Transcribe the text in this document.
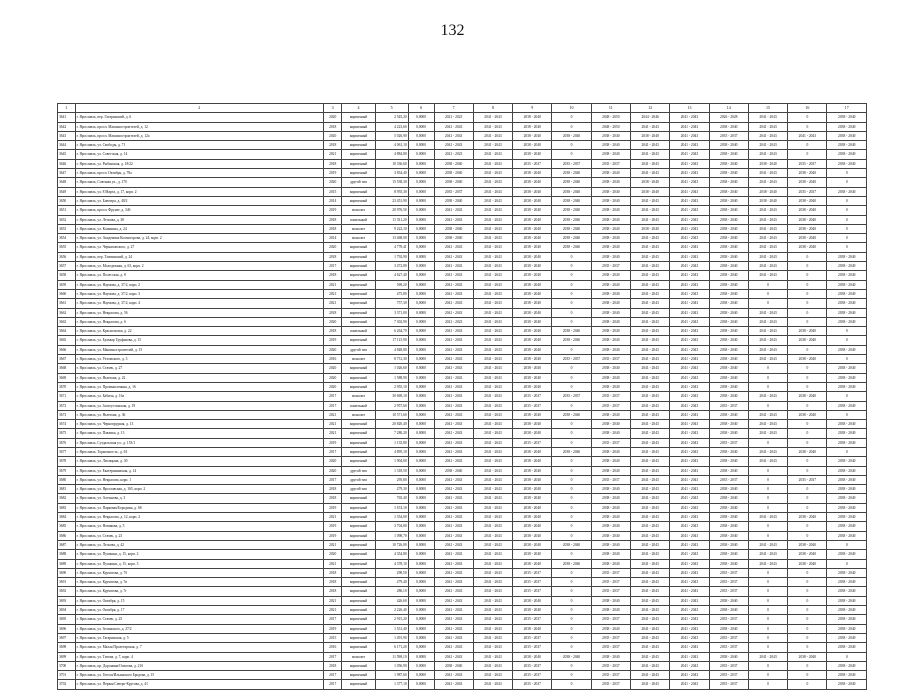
132
1	2	3	4	5	6	7	8	9	10	11	12	13	14	15	16	17
3641	г. Ярославль, пер. Гагаринский, д. 6	2020	кирпичный	2 545,20	0,0000	2021 - 2023	2041 - 2043	2038 - 2040	0	2048 - 2050	2044 - 2046	2041 - 2043	2026 - 2028	2041 - 2043	0	2038 - 2040
3642	г. Ярославль, просп. Машиностроителей, д. 12	2018	кирпичный	4 223,60	0,0000	2041 - 2043	2041 - 2043	2038 - 2040	0	2048 - 2050	2041 - 2043	2041 - 2043	2038 - 2040	2041 - 2043	0	2038 - 2040
3643	г. Ярославль, просп. Машиностроителей, д. 12а	2020	кирпичный	5 026,90	0,0000	2041 - 2043	2041 - 2043	2038 - 2040	2038 - 2040	2038 - 2040	2038 - 2040	2041 - 2043	2035 - 2037	2041 - 2043	2041 - 2043	2038 - 2040
3644	г. Ярославль, ул. Свободы, д. 71	2018	кирпичный	4 061,10	0,0000	2041 - 2043	2041 - 2043	2038 - 2040	0	2038 - 2040	2041 - 2043	2041 - 2043	2038 - 2040	2041 - 2043	0	2038 - 2040
3645	г. Ярославль, ул. Советская, д. 14	2021	кирпичный	4 884,80	0,0000	2021 - 2023	2041 - 2043	2038 - 2040	0	2038 - 2040	2041 - 2043	2041 - 2043	2038 - 2040	2041 - 2043	0	2038 - 2040
3646	г. Ярославль, ул. Рыбинская, д. 18/22	2018	кирпичный	10 336,60	0,0000	2038 - 2040	2041 - 2043	2035 - 2037	2035 - 2037	2035 - 2037	2041 - 2043	2041 - 2043	2038 - 2040	2038 - 2040	2035 - 2037	2038 - 2040
3647	г. Ярославль, просп. Октября, д. 78а	2019	кирпичный	3 834,40	0,0000	2038 - 2040	2041 - 2043	2038 - 2040	2038 - 2040	2038 - 2040	2041 - 2043	2041 - 2043	2038 - 2040	2041 - 2043	2038 - 2040	0
3648	г. Ярославль, Союзная ул., д. 17б	2020	другой тип	15 538,30	0,0000	2038 - 2040	2041 - 2043	2038 - 2040	2038 - 2040	2038 - 2040	2038 - 2040	2041 - 2043	2038 - 2040	2041 - 2043	2038 - 2040	0
3649	г. Ярославль, ул. 8 Марта, д. 17, корп. 2	2015	кирпичный	8 955,30	0,0000	2035 - 2037	2041 - 2043	2038 - 2040	2038 - 2040	2038 - 2040	2038 - 2040	2041 - 2043	2038 - 2040	2038 - 2040	2035 - 2037	2038 - 2040
3650	г. Ярославль, ул. Блюхера, д. 40/2	2014	кирпичный	23 451,90	0,0000	2038 - 2040	2041 - 2043	2038 - 2040	2038 - 2040	2038 - 2040	2041 - 2043	2041 - 2043	2038 - 2040	2038 - 2040	2038 - 2040	0
3651	г. Ярославль, просп. Фрунзе, д. 34б	2019	монолит	20 976,50	0,0000	2041 - 2043	2041 - 2043	2038 - 2040	2038 - 2040	2038 - 2040	2041 - 2043	2041 - 2043	2038 - 2040	2041 - 2043	2038 - 2040	0
3652	г. Ярославль, ул. Лескова, д. 38	2018	панельный	11 331,20	0,0000	2041 - 2043	2041 - 2043	2038 - 2040	2038 - 2040	2038 - 2040	2041 - 2043	2041 - 2043	2038 - 2040	2041 - 2043	2038 - 2040	0
3653	г. Ярославль, ул. Калинина, д. 24	2018	монолит	9 222,10	0,0000	2038 - 2040	2041 - 2043	2038 - 2040	2038 - 2040	2038 - 2040	2038 - 2040	2041 - 2043	2038 - 2040	2041 - 2043	2038 - 2040	0
3654	г. Ярославль, ул. Академика Колмогорова, д. 24, корп. 2	2014	монолит	13 468,00	0,0000	2038 - 2040	2041 - 2043	2038 - 2040	2038 - 2040	2038 - 2040	2041 - 2043	2041 - 2043	2038 - 2040	2041 - 2043	2038 - 2040	0
3655	г. Ярославль, ул. Черняховского, д. 27	2020	кирпичный	4 778,41	0,0000	2041 - 2043	2041 - 2043	2038 - 2040	2038 - 2040	2038 - 2040	2041 - 2043	2041 - 2043	2038 - 2040	2041 - 2043	2038 - 2040	0
3656	г. Ярославль, пер. Тихвинский, д. 24	2018	кирпичный	1 792,90	0,0000	2041 - 2043	2041 - 2043	2038 - 2040	0	2038 - 2040	2041 - 2043	2041 - 2043	2038 - 2040	2041 - 2043	0	2038 - 2040
3657	г. Ярославль, ул. Молодежная, д. 63, корп. 2	2017	кирпичный	3 472,80	0,0000	2041 - 2043	2041 - 2043	2038 - 2040	0	2035 - 2037	2041 - 2043	2041 - 2043	2038 - 2040	2041 - 2043	0	2038 - 2040
3658	г. Ярославль, ул. Полесская, д. 8	2018	кирпичный	4 627,40	0,0000	2041 - 2043	2041 - 2043	2038 - 2040	0	2038 - 2040	2041 - 2043	2041 - 2043	2038 - 2040	2041 - 2043	0	2038 - 2040
3659	г. Ярославль, ул. Наумова, д. 37/2, корп. 2	2021	кирпичный	569,20	0,0000	2041 - 2043	2041 - 2043	2038 - 2040	0	2038 - 2040	2041 - 2043	2041 - 2043	2038 - 2040	0	0	2038 - 2040
3660	г. Ярославль, ул. Наумова, д. 37/2, корп. 3	2021	кирпичный	475,80	0,0000	2041 - 2043	2041 - 2043	2038 - 2040	0	2038 - 2040	2041 - 2043	2041 - 2043	2038 - 2040	0	0	2038 - 2040
3661	г. Ярославль, ул. Наумова, д. 37/2, корп. 4	2021	кирпичный	757,30	0,0000	2041 - 2043	2041 - 2043	2038 - 2040	0	2038 - 2040	2041 - 2043	2041 - 2043	2038 - 2040	0	0	2038 - 2040
3662	г. Ярославль, ул. Некрасова, д. 56	2018	кирпичный	3 371,00	0,0000	2041 - 2043	2041 - 2043	2038 - 2040	0	2038 - 2040	2041 - 2043	2041 - 2043	2038 - 2040	2041 - 2043	0	2038 - 2040
3663	г. Ярославль, ул. Некрасова, д. 6	2020	кирпичный	7 302,90	0,0000	2021 - 2023	2041 - 2043	2038 - 2040	0	2038 - 2040	2041 - 2043	2041 - 2043	2038 - 2040	2041 - 2043	0	2038 - 2040
3664	г. Ярославль, ул. Краснополка, д. 22	2018	панельный	6 264,70	0,0000	2041 - 2043	2041 - 2043	2038 - 2040	2038 - 2040	2038 - 2040	2041 - 2043	2041 - 2043	2038 - 2040	2041 - 2043	2038 - 2040	0
3665	г. Ярославль, ул. Бульвар Труфанова, д. 15	2019	кирпичный	17 115,90	0,0000	2041 - 2043	2041 - 2043	2038 - 2040	2038 - 2040	2038 - 2040	2041 - 2043	2041 - 2043	2038 - 2040	2041 - 2043	2038 - 2040	0
3666	г. Ярославль, ул. Машиностроителей, д. 15	2020	другой тип	4 848,80	0,0000	2041 - 2043	2041 - 2043	2038 - 2040	0	2038 - 2040	2041 - 2043	2041 - 2043	2038 - 2040	2041 - 2043	0	2038 - 2040
3667	г. Ярославль, ул. Ухтомского, д. 3	2016	монолит	8 731,30	0,0000	2041 - 2043	2041 - 2043	2038 - 2040	2035 - 2037	2035 - 2037	2041 - 2043	2041 - 2043	2038 - 2040	2041 - 2043	2038 - 2040	0
3668	г. Ярославль, ул. Стачек, д. 27	2020	кирпичный	1 026,60	0,0000	2041 - 2043	2041 - 2043	2038 - 2040	0	2038 - 2040	2041 - 2043	2041 - 2043	2038 - 2040	0	0	2038 - 2040
3669	г. Ярославль, ул. Ньютона, д. 22	2020	кирпичный	1 588,90	0,0000	2041 - 2043	2041 - 2043	2038 - 2040	0	2038 - 2040	2041 - 2043	2041 - 2043	2038 - 2040	0	0	2038 - 2040
3670	г. Ярославль, ул. Промышленная, д. 16	2020	кирпичный	2 955,10	0,0000	2041 - 2043	2041 - 2043	2038 - 2040	0	2038 - 2040	2041 - 2043	2041 - 2043	2038 - 2040	0	0	2038 - 2040
3671	г. Ярославль, ул. Бабича, д. 16а	2017	монолит	30 669,10	0,0000	2041 - 2043	2041 - 2043	2035 - 2037	2035 - 2037	2035 - 2037	2041 - 2043	2041 - 2043	2038 - 2040	2041 - 2043	2038 - 2040	0
3672	г. Ярославль, ул. Златоустинская, д. 19	2017	панельный	2 957,60	0,0000	2041 - 2043	2041 - 2043	2035 - 2037	0	2035 - 2037	2041 - 2043	2041 - 2043	2035 - 2037	0	0	2038 - 2040
3673	г. Ярославль, ул. Ньютона, д. 36	2021	монолит	10 571,60	0,0000	2041 - 2043	2041 - 2043	2038 - 2040	2038 - 2040	2038 - 2040	2041 - 2043	2041 - 2043	2038 - 2040	2041 - 2043	2038 - 2040	0
3674	г. Ярославль, ул. Чернопрудная, д. 13	2021	кирпичный	20 820,40	0,0000	2041 - 2043	2041 - 2043	2038 - 2040	0	2038 - 2040	2041 - 2043	2041 - 2043	2038 - 2040	2041 - 2043	0	2038 - 2040
3675	г. Ярославль, ул. Павлика, д. 13	2021	кирпичный	7 280,20	0,0000	2041 - 2043	2041 - 2043	2038 - 2040	0	2038 - 2040	2041 - 2043	2041 - 2043	2038 - 2040	2041 - 2043	0	2038 - 2040
3676	г. Ярославль, Суздальская ул., д. 153/1	2019	кирпичный	1 135,80	0,0000	2041 - 2043	2041 - 2043	2035 - 2037	0	2035 - 2037	2041 - 2043	2041 - 2043	2035 - 2037	0	0	2038 - 2040
3677	г. Ярославль, Тормозное ш., д. 63	2017	кирпичный	4 895,10	0,0000	2041 - 2043	2041 - 2043	2038 - 2040	2038 - 2040	2038 - 2040	2041 - 2043	2041 - 2043	2038 - 2040	2041 - 2043	2038 - 2040	0
3678	г. Ярославль, ул. Лисицына, д. 30	2020	кирпичный	1 904,00	0,0000	2041 - 2043	2041 - 2043	2038 - 2040	0	2038 - 2040	2041 - 2043	2041 - 2043	2038 - 2040	2041 - 2043	0	2038 - 2040
3679	г. Ярославль, ул. Екатерининская, д. 14	2020	другой тип	1 318,50	0,0000	2038 - 2040	2041 - 2043	2038 - 2040	0	2038 - 2040	2041 - 2043	2041 - 2043	2038 - 2040	0	0	2038 - 2040
3680	г. Ярославль, ул. Некрасова, корп. 1	2017	другой тип	295,80	0,0000	2041 - 2043	2041 - 2043	2038 - 2040	0	2035 - 2037	2041 - 2043	2041 - 2043	2035 - 2037	0	2035 - 2037	2038 - 2040
3681	г. Ярославль, ул. Ярославская, д. 165, корп. 2	2018	другой тип	279,30	0,0000	2041 - 2043	2041 - 2043	2038 - 2040	0	2038 - 2040	2041 - 2043	2041 - 2043	2038 - 2040	0	0	2038 - 2040
3682	г. Ярославль, ул. Алтынова, д. 3	2018	кирпичный	765,40	0,0000	2041 - 2043	2041 - 2043	2038 - 2040	0	2038 - 2040	2041 - 2043	2041 - 2043	2038 - 2040	0	0	2038 - 2040
3683	г. Ярославль, ул. Парковая/Бородина, д. 68	2019	кирпичный	1 674,10	0,0000	2041 - 2043	2041 - 2043	2038 - 2040	0	2038 - 2040	2041 - 2043	2041 - 2043	2038 - 2040	0	0	2038 - 2040
3684	г. Ярославль, ул. Некрасова, д. 12, корп. 2	2021	кирпичный	1 354,00	0,0000	2041 - 2043	2041 - 2043	2038 - 2040	0	2038 - 2040	2041 - 2043	2041 - 2043	2038 - 2040	2041 - 2043	2038 - 2040	2038 - 2040
3685	г. Ярославль, ул. Новикова, д. 5	2019	кирпичный	3 704,80	0,0000	2041 - 2043	2041 - 2043	2038 - 2040	0	2038 - 2040	2041 - 2043	2041 - 2043	2038 - 2040	0	0	2038 - 2040
3686	г. Ярославль, ул. Стачек, д. 23	2019	кирпичный	1 098,70	0,0000	2041 - 2043	2041 - 2043	2038 - 2040	0	2038 - 2040	2041 - 2043	2041 - 2043	2038 - 2040	0	0	2038 - 2040
3687	г. Ярославль, ул. Лескова, д. 42	2021	кирпичный	10 726,00	0,0000	2041 - 2043	2041 - 2043	2038 - 2040	2038 - 2040	2038 - 2040	2041 - 2043	2041 - 2043	2038 - 2040	2041 - 2043	2038 - 2040	0
3688	г. Ярославль, ул. Пушкина, д. 15, корп. 2	2020	кирпичный	4 354,80	0,0000	2041 - 2043	2041 - 2043	2038 - 2040	0	2038 - 2040	2041 - 2043	2041 - 2043	2038 - 2040	2041 - 2043	2038 - 2040	2038 - 2040
3689	г. Ярославль, ул. Пушкина, д. 15, корп. 3	2021	кирпичный	4 378,10	0,0000	2041 - 2043	2041 - 2043	2038 - 2040	2038 - 2040	2038 - 2040	2041 - 2043	2041 - 2043	2038 - 2040	2041 - 2043	2038 - 2040	0
3690	г. Ярославль, ул. Курчатова, д. 7б	2018	кирпичный	298,50	0,0000	2041 - 2043	2041 - 2043	2035 - 2037	0	2035 - 2037	2041 - 2043	2041 - 2043	2035 - 2037	0	0	2038 - 2040
3691	г. Ярославль, ул. Курчатова, д. 7в	2018	кирпичный	279,40	0,0000	2041 - 2043	2041 - 2043	2035 - 2037	0	2035 - 2037	2041 - 2043	2041 - 2043	2035 - 2037	0	0	2038 - 2040
3692	г. Ярославль, ул. Курчатова, д. 7г	2018	кирпичный	286,10	0,0000	2041 - 2043	2041 - 2043	2035 - 2037	0	2035 - 2037	2041 - 2043	2041 - 2043	2035 - 2037	0	0	2038 - 2040
3693	г. Ярославль, ул. Октября, д. 15	2021	кирпичный	426,60	0,0000	2041 - 2043	2041 - 2043	2038 - 2040	0	2038 - 2040	2041 - 2043	2041 - 2043	2038 - 2040	0	0	2038 - 2040
3694	г. Ярославль, ул. Октября, д. 17	2021	кирпичный	2 226,40	0,0000	2041 - 2043	2041 - 2043	2038 - 2040	0	2038 - 2040	2041 - 2043	2041 - 2043	2038 - 2040	0	0	2038 - 2040
3695	г. Ярославль, ул. Стачек, д. 25	2017	кирпичный	2 915,20	0,0000	2041 - 2043	2041 - 2043	2035 - 2037	0	2035 - 2037	2041 - 2043	2041 - 2043	2035 - 2037	0	0	2038 - 2040
3696	г. Ярославль, ул. Зелинского, д. 27/2	2019	кирпичный	1 531,40	0,0000	2041 - 2043	2041 - 2043	2038 - 2040	0	2038 - 2040	2041 - 2043	2041 - 2043	2038 - 2040	0	0	2038 - 2040
3697	г. Ярославль, ул. Гагаринская, д. 5	2015	кирпичный	1 491,90	0,0000	2041 - 2043	2041 - 2043	2035 - 2037	0	2035 - 2037	2041 - 2043	2041 - 2043	2035 - 2037	0	0	2038 - 2040
3698	г. Ярославль, ул. Малая Пролетарская, д. 7	2016	кирпичный	6 171,20	0,0000	2041 - 2043	2041 - 2043	2035 - 2037	0	2035 - 2037	2041 - 2043	2041 - 2043	2035 - 2037	0	0	2038 - 2040
3699	г. Ярославль, ул. Титова, д. 7, корп. 4	2017	монолит	11 598,10	0,0000	2041 - 2043	2041 - 2043	2038 - 2040	2038 - 2040	2038 - 2040	2041 - 2043	2041 - 2043	2038 - 2040	2041 - 2043	2038 - 2040	0
3700	г. Ярославль, пр. Доронина/Осипова, д. 21б	2018	кирпичный	1 056,90	0,0000	2038 - 2040	2041 - 2043	2035 - 2037	0	2035 - 2037	2041 - 2043	2041 - 2043	2035 - 2037	0	0	2038 - 2040
3701	г. Ярославль, ул. Гоголя/Ильинского Бродова, д. 15	2017	кирпичный	1 987,60	0,0000	2041 - 2043	2041 - 2043	2035 - 2037	0	2035 - 2037	2041 - 2043	2041 - 2043	2035 - 2037	0	0	2038 - 2040
3702	г. Ярославль, ул. Первая Северо-Кругова, д. 41	2017	кирпичный	1 377,10	0,0000	2041 - 2043	2041 - 2043	2035 - 2037	0	2035 - 2037	2041 - 2043	2041 - 2043	2035 - 2037	0	0	2038 - 2040
